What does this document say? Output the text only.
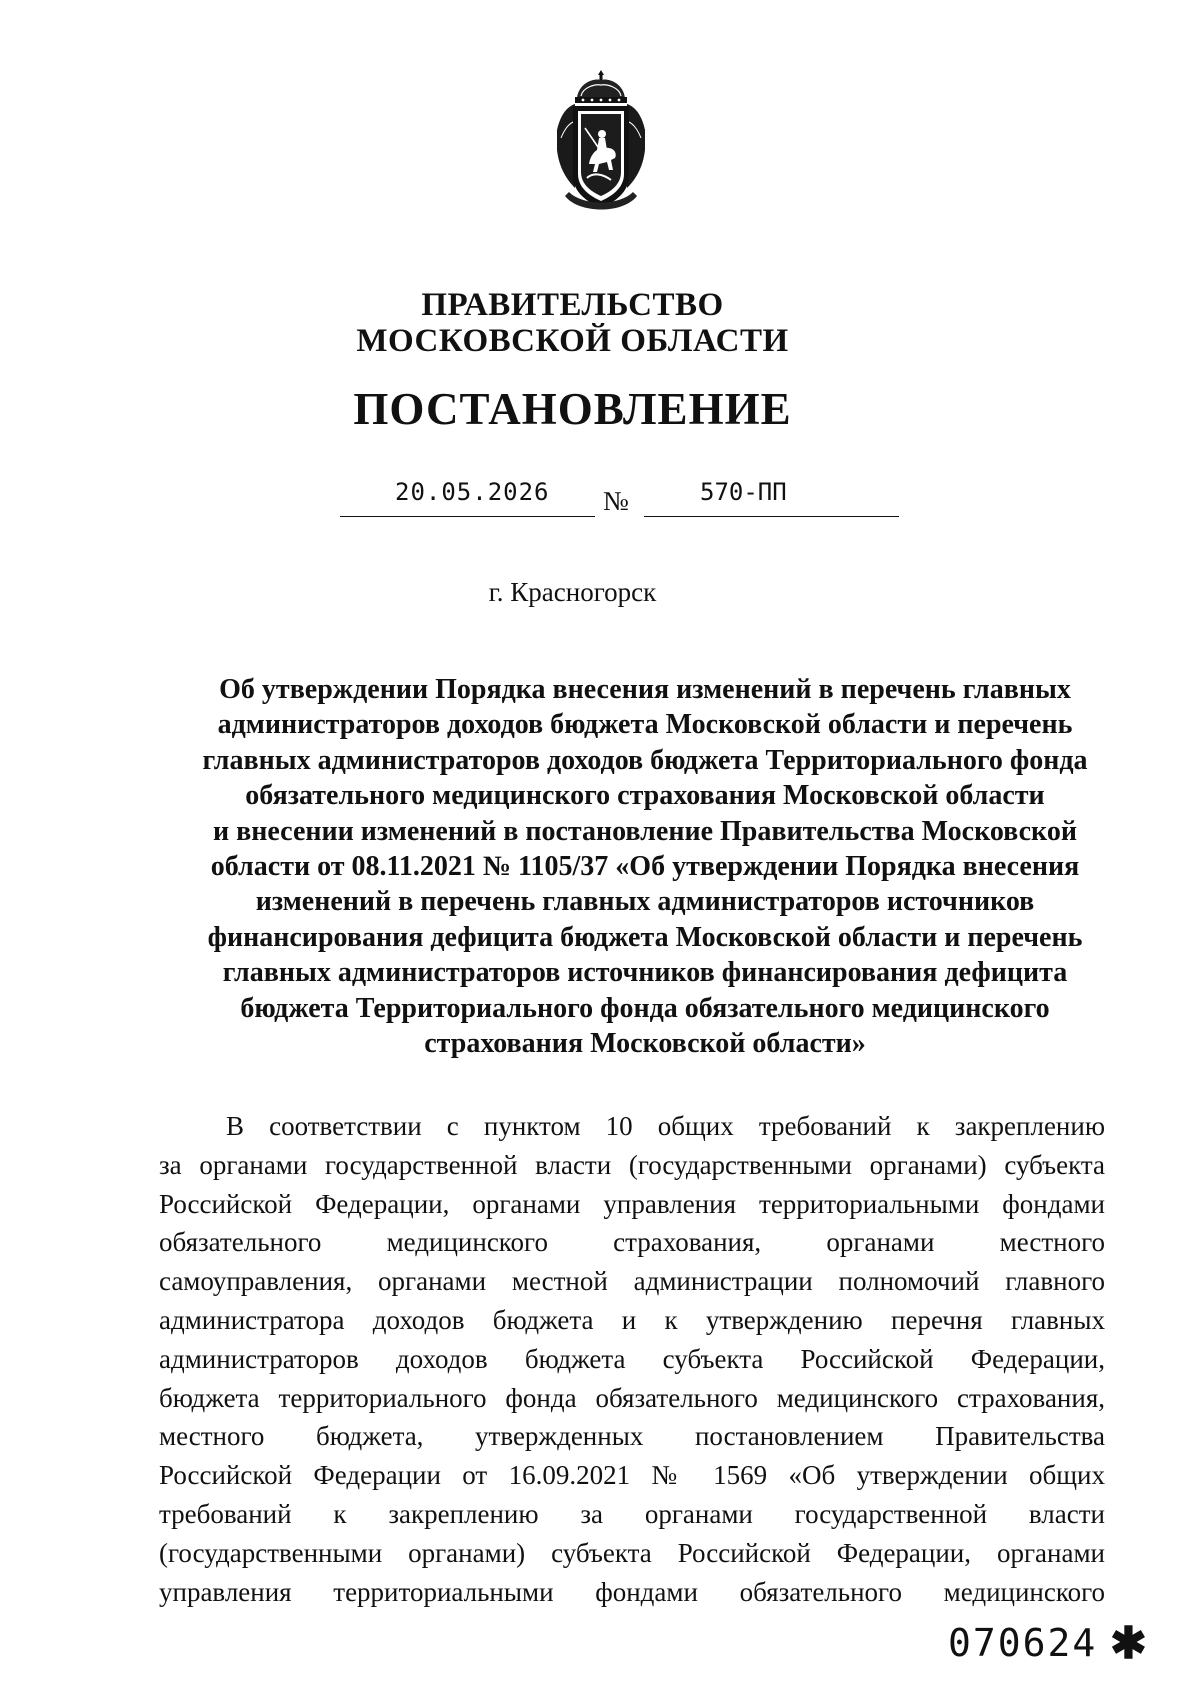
ПРАВИТЕЛЬСТВО
МОСКОВСКОЙ ОБЛАСТИ
ПОСТАНОВЛЕНИЕ
20.05.2026 №	570-ПП
г. Красногорск
Об утверждении Порядка внесения изменений в перечень главных
администраторов доходов бюджета Московской области и перечень
главных администраторов доходов бюджета Территориального фонда
обязательного медицинского страхования Московской области
и внесении изменений в постановление Правительства Московской
области от 08.11.2021 № 1105/37 «Об утверждении Порядка внесения
изменений в перечень главных администраторов источников
финансирования дефицита бюджета Московской области и перечень
главных администраторов источников финансирования дефицита
бюджета Территориального фонда обязательного медицинского
страхования Московской области»
В соответствии с пунктом 10 общих требований к закреплению
за органами государственной власти (государственными органами) субъекта
Российской Федерации, органами управления территориальными фондами
обязательного медицинского страхования, органами местного
самоуправления, органами местной администрации полномочий главного
администратора доходов бюджета и к утверждению перечня главных
администраторов доходов бюджета субъекта Российской Федерации,
бюджета территориального фонда обязательного медицинского страхования,
местного бюджета, утвержденных постановлением Правительства
Российской Федерации от 16.09.2021 № 1569 «Об утверждении общих
требований к закреплению за органами государственной власти
(государственными органами) субъекта Российской Федерации, органами
управления территориальными фондами обязательного медицинского
070624 ✱
